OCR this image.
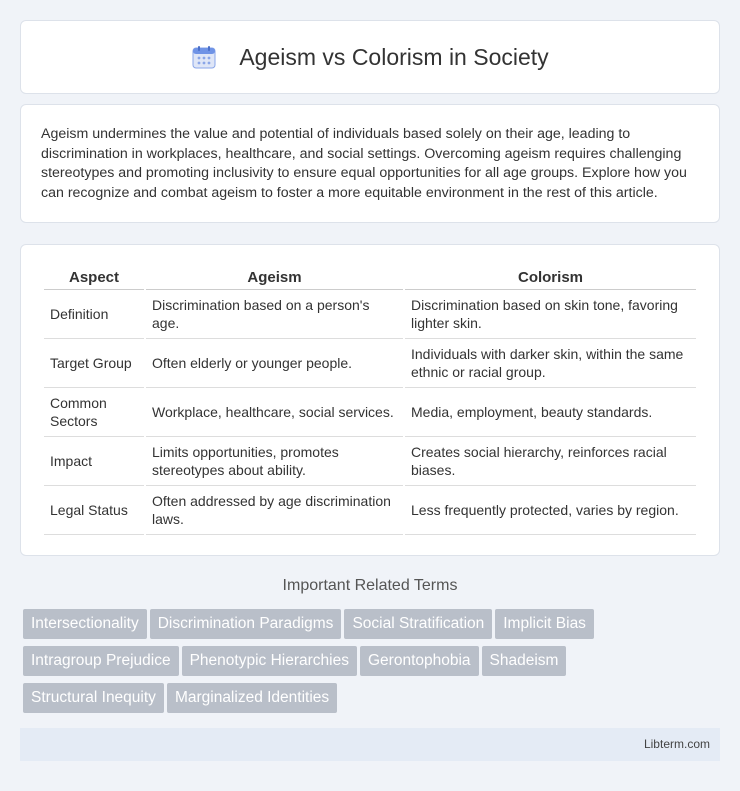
Ageism vs Colorism in Society

Ageism undermines the value and potential of individuals based solely on their age, leading to discrimination in workplaces, healthcare, and social settings. Overcoming ageism requires challenging stereotypes and promoting inclusivity to ensure equal opportunities for all age groups. Explore how you can recognize and combat ageism to foster a more equitable environment in the rest of this article.

Aspect	Ageism	Colorism
Definition	Discrimination based on a person's age.	Discrimination based on skin tone, favoring lighter skin.
Target Group	Often elderly or younger people.	Individuals with darker skin, within the same ethnic or racial group.
Common Sectors	Workplace, healthcare, social services.	Media, employment, beauty standards.
Impact	Limits opportunities, promotes stereotypes about ability.	Creates social hierarchy, reinforces racial biases.
Legal Status	Often addressed by age discrimination laws.	Less frequently protected, varies by region.
Important Related Terms
Intersectionality Discrimination Paradigms Social Stratification Implicit Bias
Intragroup Prejudice Phenotypic Hierarchies Gerontophobia Shadeism
Structural Inequity Marginalized Identities
Libterm.com
